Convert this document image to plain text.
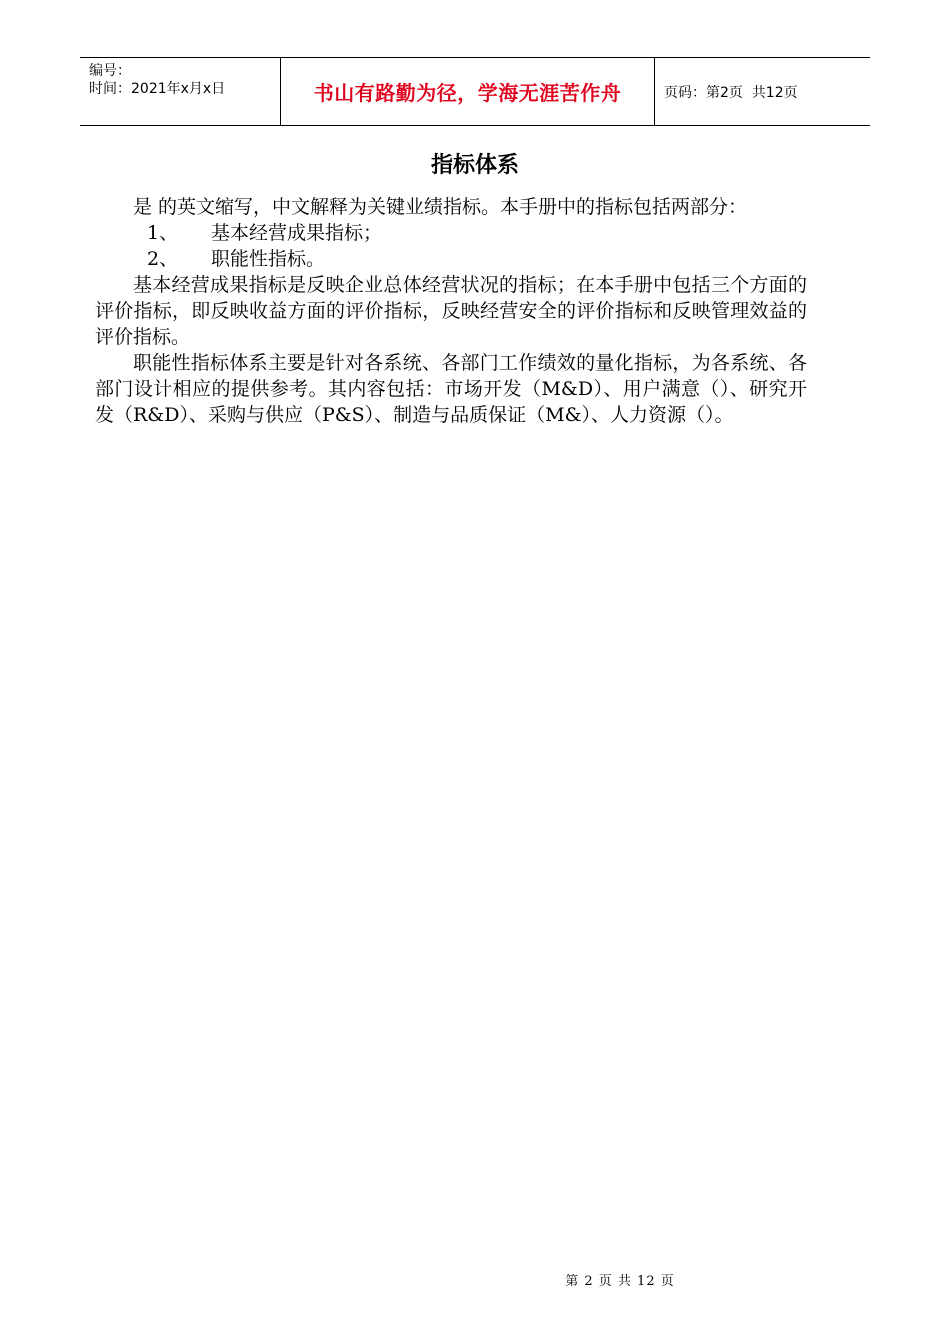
编号：
时间：2021年x月x日	书山有路勤为径，学海无涯苦作舟	页码：第2页  共12页
指标体系

是 的英文缩写，中文解释为关键业绩指标。本手册中的指标包括两部分：

1、	基本经营成果指标；
2、	职能性指标。

基本经营成果指标是反映企业总体经营状况的指标；在本手册中包括三个方面的评价指标，即反映收益方面的评价指标，反映经营安全的评价指标和反映管理效益的评价指标。

职能性指标体系主要是针对各系统、各部门工作绩效的量化指标，为各系统、各部门设计相应的提供参考。其内容包括：市场开发（M&D）、用户满意（）、研究开发（R&D）、采购与供应（P&S）、制造与品质保证（M&）、人力资源（）。

第 2 页 共 12 页
